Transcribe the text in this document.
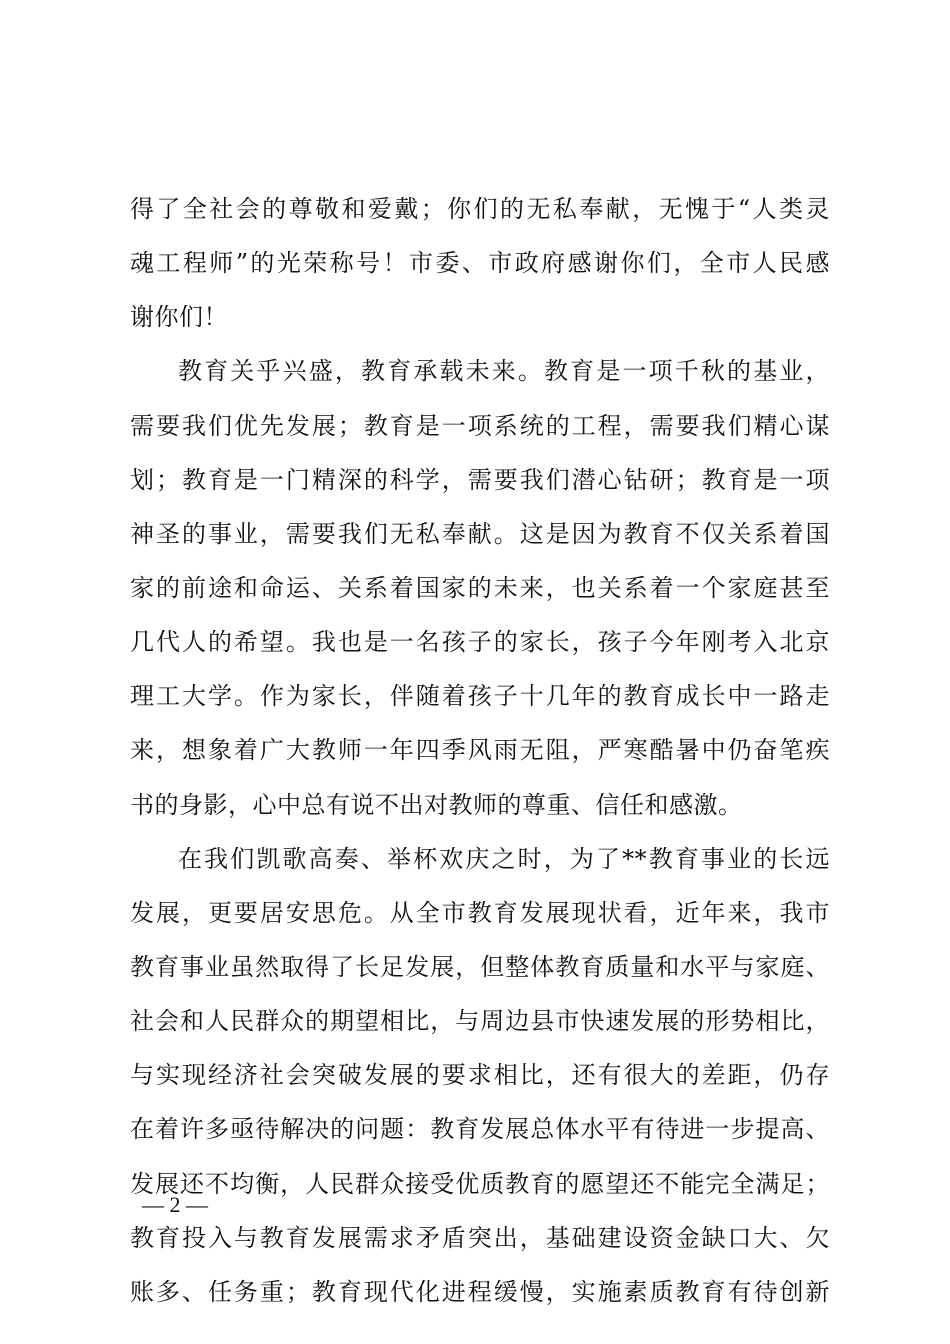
得了全社会的尊敬和爱戴；你们的无私奉献，无愧于“人类灵
魂工程师”的光荣称号！市委、市政府感谢你们，全市人民感
谢你们！
教育关乎兴盛，教育承载未来。教育是一项千秋的基业，
需要我们优先发展；教育是一项系统的工程，需要我们精心谋
划；教育是一门精深的科学，需要我们潜心钻研；教育是一项
神圣的事业，需要我们无私奉献。这是因为教育不仅关系着国
家的前途和命运、关系着国家的未来，也关系着一个家庭甚至
几代人的希望。我也是一名孩子的家长，孩子今年刚考入北京
理工大学。作为家长，伴随着孩子十几年的教育成长中一路走
来，想象着广大教师一年四季风雨无阻，严寒酷暑中仍奋笔疾
书的身影，心中总有说不出对教师的尊重、信任和感激。
在我们凯歌高奏、举杯欢庆之时，为了**教育事业的长远
发展，更要居安思危。从全市教育发展现状看，近年来，我市
教育事业虽然取得了长足发展，但整体教育质量和水平与家庭、
社会和人民群众的期望相比，与周边县市快速发展的形势相比，
与实现经济社会突破发展的要求相比，还有很大的差距，仍存
在着许多亟待解决的问题：教育发展总体水平有待进一步提高、
发展还不均衡，人民群众接受优质教育的愿望还不能完全满足；
教育投入与教育发展需求矛盾突出，基础建设资金缺口大、欠
账多、任务重；教育现代化进程缓慢，实施素质教育有待创新
— 2 —
